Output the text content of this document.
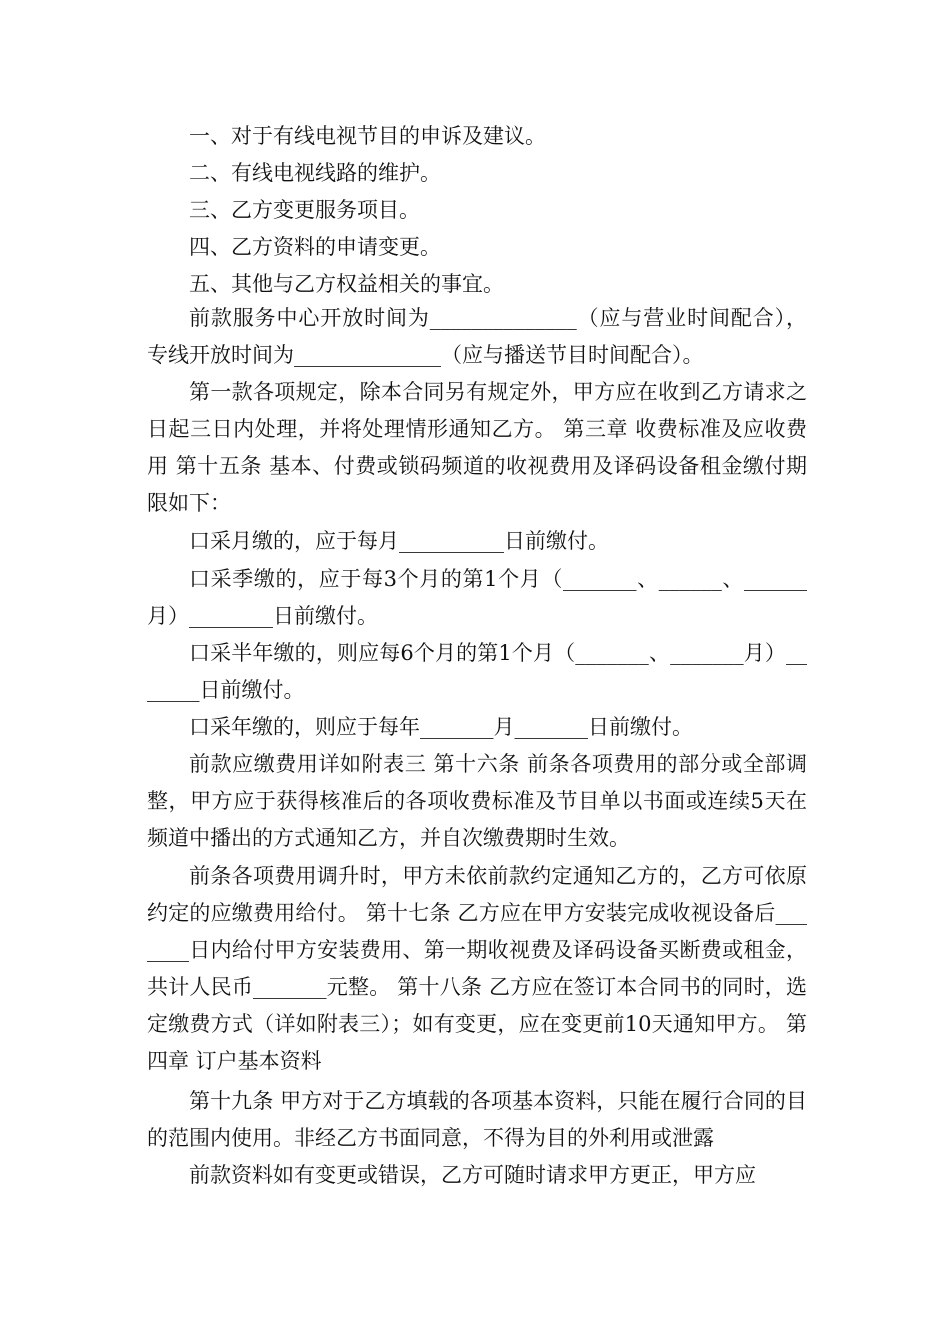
一、对于有线电视节目的申诉及建议。

二、有线电视线路的维护。

三、乙方变更服务项目。

四、乙方资料的申请变更。

五、其他与乙方权益相关的事宜。

前款服务中心开放时间为______________（应与营业时间配合），专线开放时间为______________（应与播送节目时间配合）。

第一款各项规定，除本合同另有规定外，甲方应在收到乙方请求之日起三日内处理，并将处理情形通知乙方。 第三章 收费标准及应收费用 第十五条 基本、付费或锁码频道的收视费用及译码设备租金缴付期限如下：

口采月缴的，应于每月__________日前缴付。

口采季缴的，应于每3个月的第1个月（_______、______、______月）________日前缴付。

口采半年缴的，则应每6个月的第1个月（_______、_______月）_______日前缴付。

口采年缴的，则应于每年_______月_______日前缴付。

前款应缴费用详如附表三 第十六条 前条各项费用的部分或全部调整，甲方应于获得核准后的各项收费标准及节目单以书面或连续5天在频道中播出的方式通知乙方，并自次缴费期时生效。

前条各项费用调升时，甲方未依前款约定通知乙方的，乙方可依原约定的应缴费用给付。 第十七条 乙方应在甲方安装完成收视设备后_______日内给付甲方安装费用、第一期收视费及译码设备买断费或租金，共计人民币_______元整。 第十八条 乙方应在签订本合同书的同时，选定缴费方式（详如附表三）；如有变更，应在变更前10天通知甲方。 第四章 订户基本资料

第十九条 甲方对于乙方填载的各项基本资料，只能在履行合同的目的范围内使用。非经乙方书面同意，不得为目的外利用或泄露

前款资料如有变更或错误，乙方可随时请求甲方更正，甲方应
